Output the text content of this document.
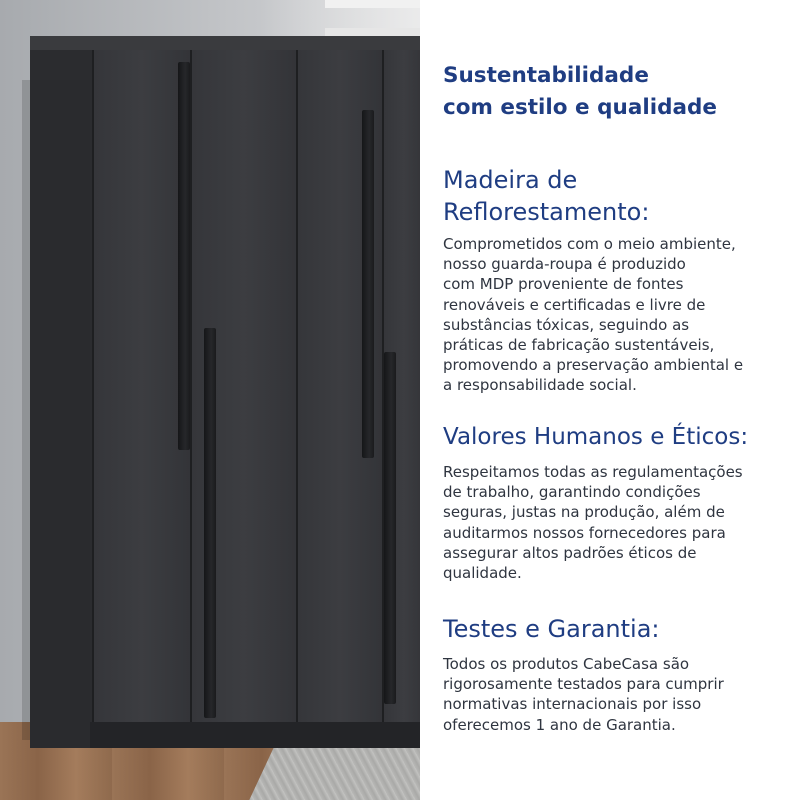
Sustentabilidade
com estilo e qualidade
Madeira de
Reflorestamento:

Comprometidos com o meio ambiente,
nosso guarda-roupa é produzido
com MDP proveniente de fontes
renováveis e certificadas e livre de
substâncias tóxicas, seguindo as
práticas de fabricação sustentáveis,
promovendo a preservação ambiental e
a responsabilidade social.

Valores Humanos e Éticos:

Respeitamos todas as regulamentações
de trabalho, garantindo condições
seguras, justas na produção, além de
auditarmos nossos fornecedores para
assegurar altos padrões éticos de
qualidade.

Testes e Garantia:

Todos os produtos CabeCasa são
rigorosamente testados para cumprir
normativas internacionais por isso
oferecemos 1 ano de Garantia.
